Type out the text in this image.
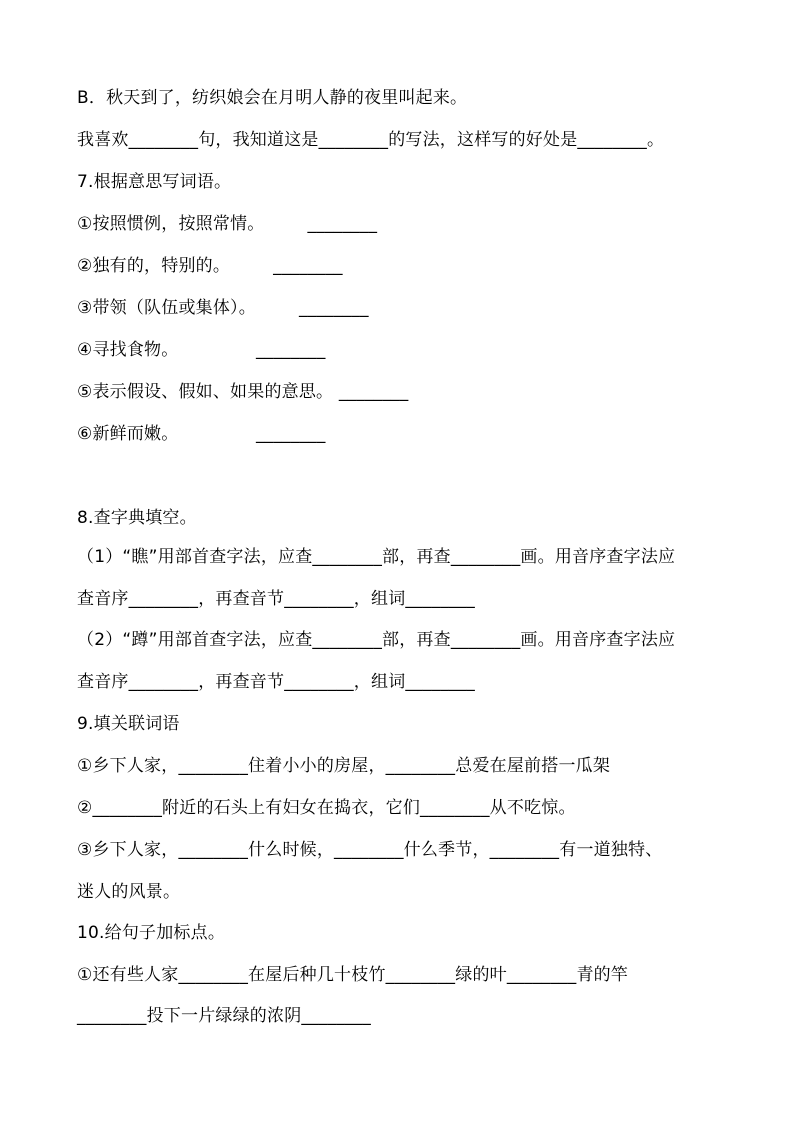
B．秋天到了，纺织娘会在月明人静的夜里叫起来。
我喜欢________句，我知道这是________的写法，这样写的好处是________。
7.根据意思写词语。
①按照惯例，按照常情。　　　________
②独有的，特别的。　　　________
③带领（队伍或集体）。　　　________
④寻找食物。　　　　　________
⑤表示假设、假如、如果的意思。 ________
⑥新鲜而嫩。　　　　　________
8.查字典填空。
（1）“瞧”用部首查字法，应查________部，再查________画。用音序查字法应
查音序________，再查音节________，组词________
（2）“蹲”用部首查字法，应查________部，再查________画。用音序查字法应
查音序________，再查音节________，组词________
9.填关联词语
①乡下人家，________住着小小的房屋，________总爱在屋前搭一瓜架
②________附近的石头上有妇女在捣衣，它们________从不吃惊。
③乡下人家，________什么时候，________什么季节，________有一道独特、
迷人的风景。
10.给句子加标点。
①还有些人家________在屋后种几十枝竹________绿的叶________青的竿
________投下一片绿绿的浓阴________
